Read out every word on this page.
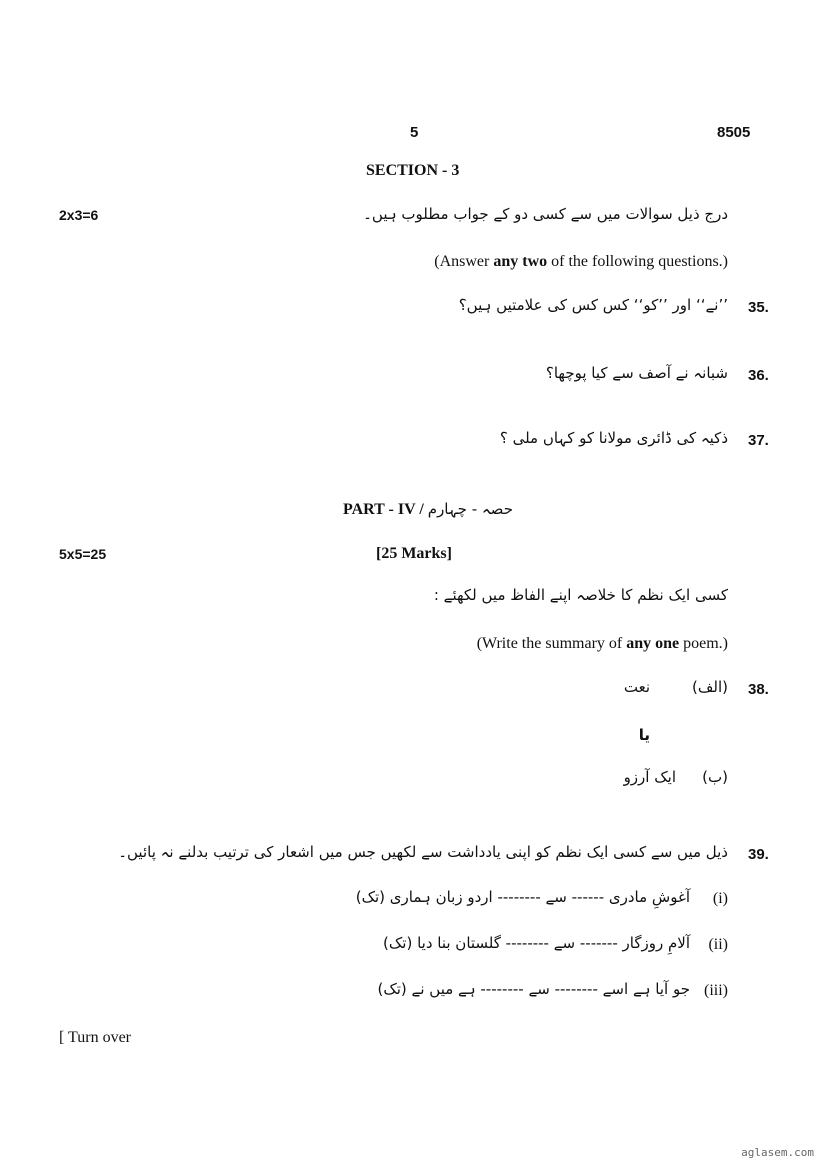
5	8505
SECTION - 3
2x3=6	درج ذیل سوالات میں سے کسی دو کے جواب مطلوب ہیں۔
(Answer any two of the following questions.)
35.
’’نے‘‘ اور ’’کو‘‘ کس کس کی علامتیں ہیں؟
36.
شبانہ نے آصف سے کیا پوچھا؟
37.
ذکیہ کی ڈائری مولانا کو کہاں ملی ؟
PART - IV / حصہ - چہارم
5x5=25	[25 Marks]
کسی ایک نظم کا خلاصہ اپنے الفاظ میں لکھئے :
(Write the summary of any one poem.)
38.
(الف)
نعت
یا
(ب)
ایک آرزو
39.
ذیل میں سے کسی ایک نظم کو اپنی یادداشت سے لکھیں جس میں اشعار کی ترتیب بدلنے نہ پائیں۔
(i)
آغوشِ مادری ------ سے -------- اردو زبان ہماری (تک)
(ii)
آلامِ روزگار ------- سے -------- گلستان بنا دیا (تک)
(iii)
جو آیا ہے اسے -------- سے -------- ہے میں نے (تک)
[ Turn over
aglasem.com
